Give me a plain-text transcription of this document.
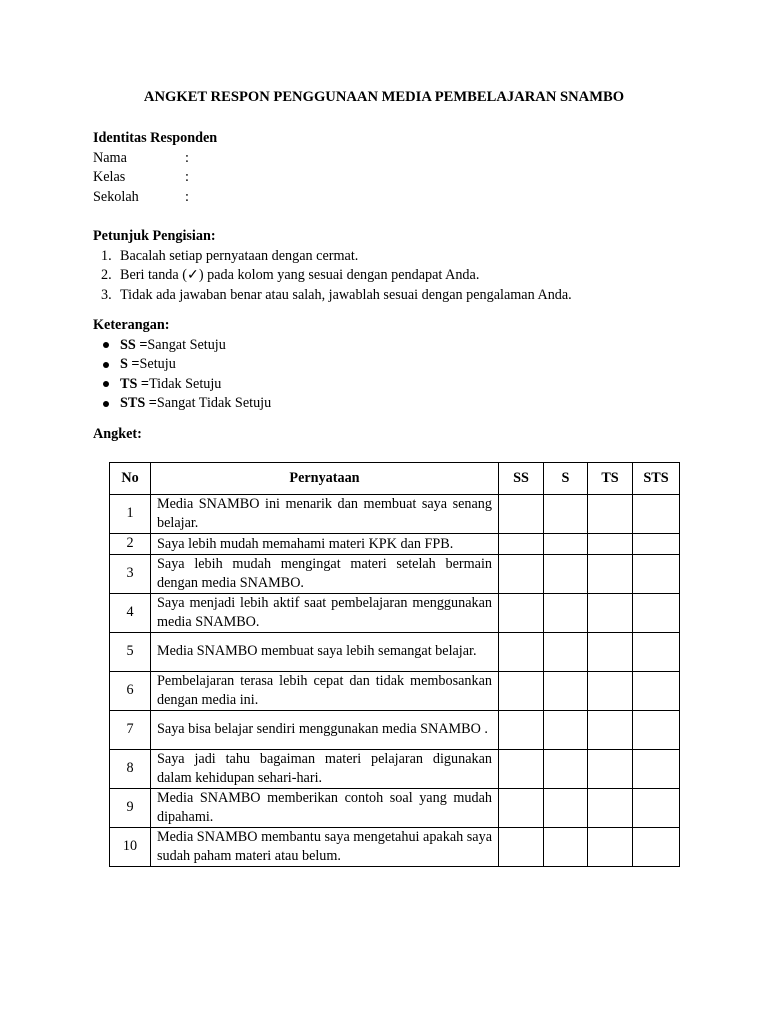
ANGKET RESPON PENGGUNAAN MEDIA PEMBELAJARAN SNAMBO
Identitas Responden
Nama	:
Kelas	:
Sekolah	:
Petunjuk Pengisian:
1. Bacalah setiap pernyataan dengan cermat.
2. Beri tanda (✓) pada kolom yang sesuai dengan pendapat Anda.
3. Tidak ada jawaban benar atau salah, jawablah sesuai dengan pengalaman Anda.
Keterangan:
SS = Sangat Setuju
S = Setuju
TS = Tidak Setuju
STS = Sangat Tidak Setuju
Angket:
No	Pernyataan	SS	S	TS	STS
1	Media SNAMBO ini menarik dan membuat saya senang belajar.				
2	Saya lebih mudah memahami materi KPK dan FPB.				
3	Saya lebih mudah mengingat materi setelah bermain dengan media SNAMBO.				
4	Saya menjadi lebih aktif saat pembelajaran menggunakan media SNAMBO.				
5	Media SNAMBO membuat saya lebih semangat belajar.				
6	Pembelajaran terasa lebih cepat dan tidak membosankan dengan media ini.				
7	Saya bisa belajar sendiri menggunakan media SNAMBO .				
8	Saya jadi tahu bagaiman materi pelajaran digunakan dalam kehidupan sehari-hari.				
9	Media SNAMBO memberikan contoh soal yang mudah dipahami.				
10	Media SNAMBO membantu saya mengetahui apakah saya sudah paham materi atau belum.				
